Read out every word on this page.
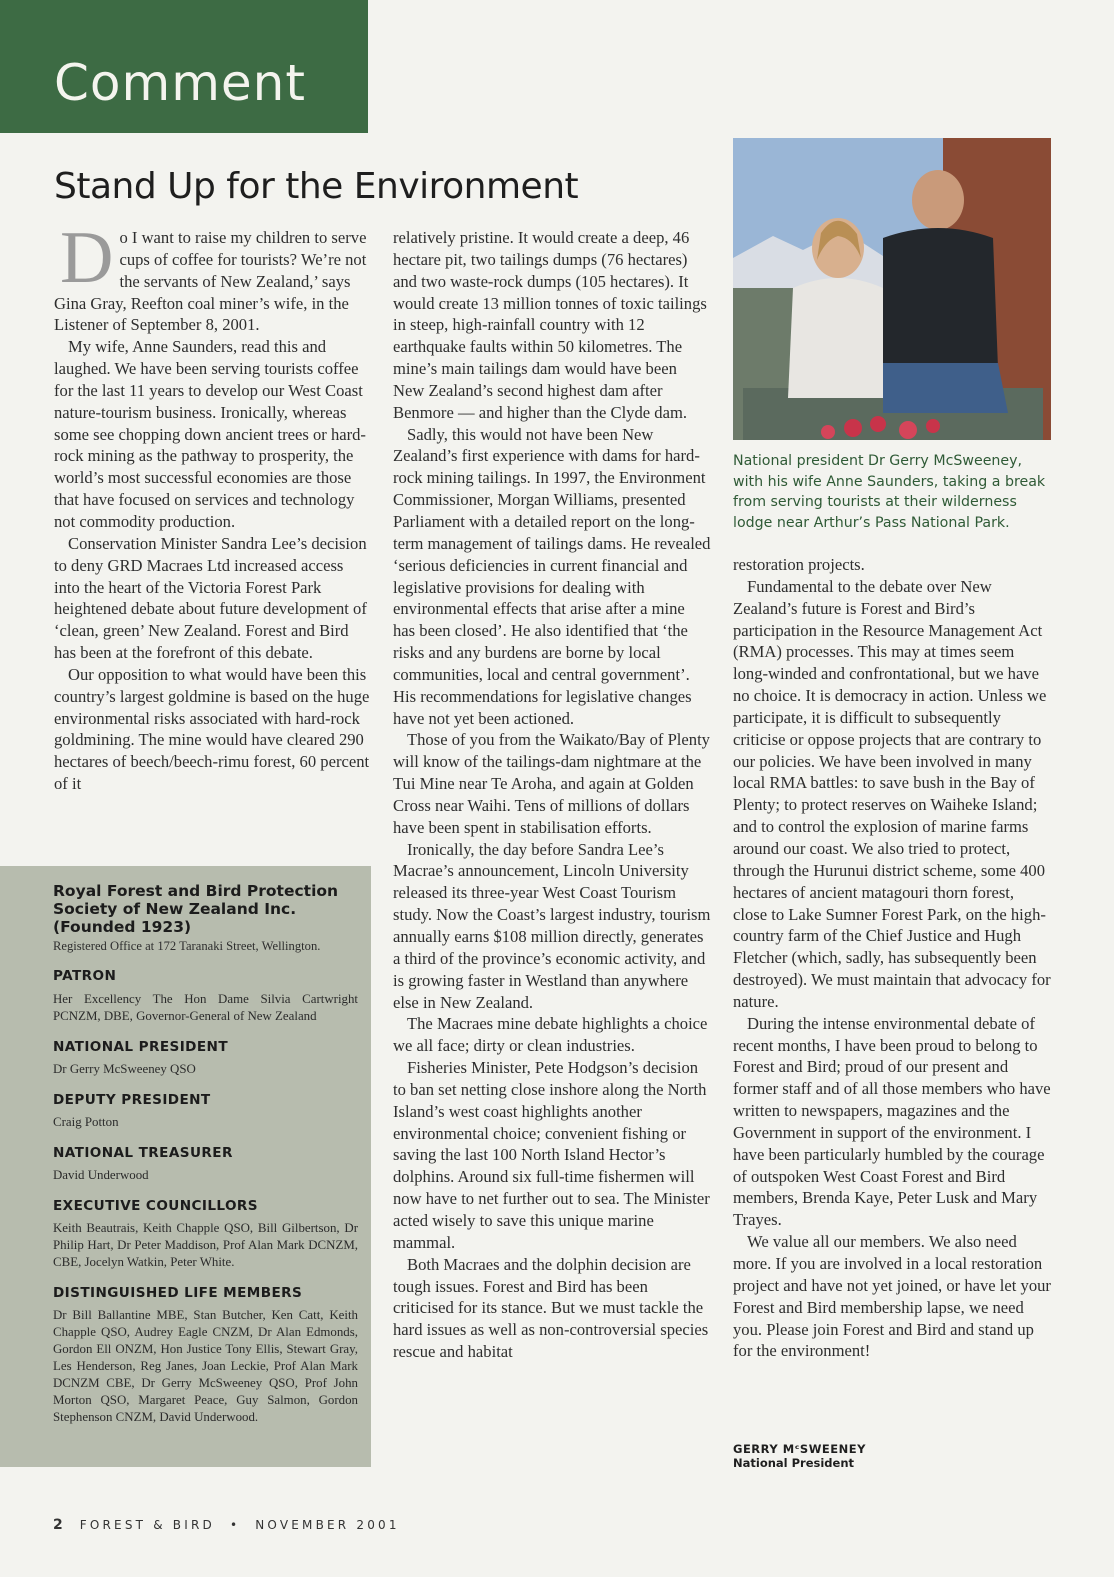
Comment
Stand Up for the Environment

Do I want to raise my children to serve cups of coffee for tourists? We’re not the servants of New Zealand,’ says Gina Gray, Reefton coal miner’s wife, in the Listener of September 8, 2001.

My wife, Anne Saunders, read this and laughed. We have been serving tourists coffee for the last 11 years to develop our West Coast nature-tourism business. Ironically, whereas some see chopping down ancient trees or hard-rock mining as the pathway to prosperity, the world’s most successful economies are those that have focused on services and technology not commodity production.

Conservation Minister Sandra Lee’s decision to deny GRD Macraes Ltd increased access into the heart of the Victoria Forest Park heightened debate about future development of ‘clean, green’ New Zealand. Forest and Bird has been at the forefront of this debate.

Our opposition to what would have been this country’s largest goldmine is based on the huge environmental risks associated with hard-rock goldmining. The mine would have cleared 290 hectares of beech/beech-rimu forest, 60 percent of it

relatively pristine. It would create a deep, 46 hectare pit, two tailings dumps (76 hectares) and two waste-rock dumps (105 hectares). It would create 13 million tonnes of toxic tailings in steep, high-rainfall country with 12 earthquake faults within 50 kilometres. The mine’s main tailings dam would have been New Zealand’s second highest dam after Benmore — and higher than the Clyde dam.

Sadly, this would not have been New Zealand’s first experience with dams for hard-rock mining tailings. In 1997, the Environment Commissioner, Morgan Williams, presented Parliament with a detailed report on the long-term management of tailings dams. He revealed ‘serious deficiencies in current financial and legislative provisions for dealing with environmental effects that arise after a mine has been closed’. He also identified that ‘the risks and any burdens are borne by local communities, local and central government’. His recommendations for legislative changes have not yet been actioned.

Those of you from the Waikato/Bay of Plenty will know of the tailings-dam nightmare at the Tui Mine near Te Aroha, and again at Golden Cross near Waihi. Tens of millions of dollars have been spent in stabilisation efforts.

Ironically, the day before Sandra Lee’s Macrae’s announcement, Lincoln University released its three-year West Coast Tourism study. Now the Coast’s largest industry, tourism annually earns $108 million directly, generates a third of the province’s economic activity, and is growing faster in Westland than anywhere else in New Zealand.

The Macraes mine debate highlights a choice we all face; dirty or clean industries.

Fisheries Minister, Pete Hodgson’s decision to ban set netting close inshore along the North Island’s west coast highlights another environmental choice; convenient fishing or saving the last 100 North Island Hector’s dolphins. Around six full-time fishermen will now have to net further out to sea. The Minister acted wisely to save this unique marine mammal.

Both Macraes and the dolphin decision are tough issues. Forest and Bird has been criticised for its stance. But we must tackle the hard issues as well as non-controversial species rescue and habitat

National president Dr Gerry McSweeney, with his wife Anne Saunders, taking a break from serving tourists at their wilderness lodge near Arthur’s Pass National Park.

restoration projects.

Fundamental to the debate over New Zealand’s future is Forest and Bird’s participation in the Resource Management Act (RMA) processes. This may at times seem long-winded and confrontational, but we have no choice. It is democracy in action. Unless we participate, it is difficult to subsequently criticise or oppose projects that are contrary to our policies. We have been involved in many local RMA battles: to save bush in the Bay of Plenty; to protect reserves on Waiheke Island; and to control the explosion of marine farms around our coast. We also tried to protect, through the Hurunui district scheme, some 400 hectares of ancient matagouri thorn forest, close to Lake Sumner Forest Park, on the high-country farm of the Chief Justice and Hugh Fletcher (which, sadly, has subsequently been destroyed). We must maintain that advocacy for nature.

During the intense environmental debate of recent months, I have been proud to belong to Forest and Bird; proud of our present and former staff and of all those members who have written to newspapers, magazines and the Government in support of the environment. I have been particularly humbled by the courage of outspoken West Coast Forest and Bird members, Brenda Kaye, Peter Lusk and Mary Trayes.

We value all our members. We also need more. If you are involved in a local restoration project and have not yet joined, or have let your Forest and Bird membership lapse, we need you. Please join Forest and Bird and stand up for the environment!

GERRY MᶜSWEENEY
National President

Royal Forest and Bird Protection Society of New Zealand Inc. (Founded 1923)

Registered Office at 172 Taranaki Street, Wellington.

PATRON

Her Excellency The Hon Dame Silvia Cartwright PCNZM, DBE, Governor-General of New Zealand

NATIONAL PRESIDENT

Dr Gerry McSweeney QSO

DEPUTY PRESIDENT

Craig Potton

NATIONAL TREASURER

David Underwood

EXECUTIVE COUNCILLORS

Keith Beautrais, Keith Chapple QSO, Bill Gilbertson, Dr Philip Hart, Dr Peter Maddison, Prof Alan Mark DCNZM, CBE, Jocelyn Watkin, Peter White.

DISTINGUISHED LIFE MEMBERS

Dr Bill Ballantine MBE, Stan Butcher, Ken Catt, Keith Chapple QSO, Audrey Eagle CNZM, Dr Alan Edmonds, Gordon Ell ONZM, Hon Justice Tony Ellis, Stewart Gray, Les Henderson, Reg Janes, Joan Leckie, Prof Alan Mark DCNZM CBE, Dr Gerry McSweeney QSO, Prof John Morton QSO, Margaret Peace, Guy Salmon, Gordon Stephenson CNZM, David Underwood.

2 FOREST & BIRD • NOVEMBER 2001
